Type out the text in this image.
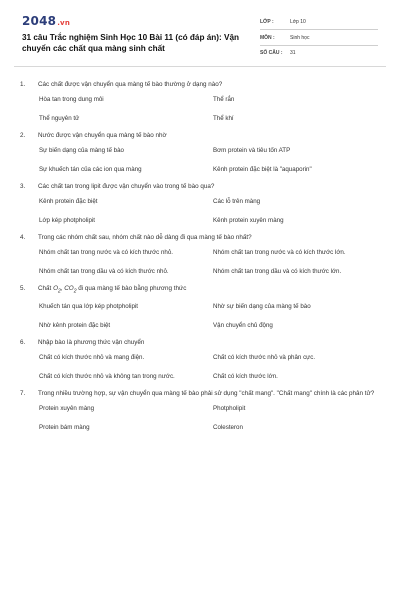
2048.vn
31 câu Trắc nghiệm Sinh Học 10 Bài 11 (có đáp án): Vận chuyển các chất qua màng sinh chất
LỚP :	Lớp 10
MÔN :	Sinh học
SỐ CÂU :	31
1.	Các chất được vận chuyển qua màng tế bào thường ở dạng nào?
Hòa tan trong dung môi	Thể rắn
Thể nguyên tử	Thể khí
2.	Nước được vận chuyển qua màng tế bào nhờ
Sự biến dạng của màng tế bào	Bơm protein và tiêu tốn ATP
Sự khuếch tán của các ion qua màng	Kênh protein đặc biệt là "aquaporin"
3.	Các chất tan trong lipit được vận chuyển vào trong tế bào qua?
Kênh protein đặc biệt	Các lỗ trên màng
Lớp kép photpholipit	Kênh protein xuyên màng
4.	Trong các nhóm chất sau, nhóm chất nào dễ dàng đi qua màng tế bào nhất?
Nhóm chất tan trong nước và có kích thước nhỏ.	Nhóm chất tan trong nước và có kích thước lớn.
Nhóm chất tan trong dầu và có kích thước nhỏ.	Nhóm chất tan trong dầu và có kích thước lớn.
5.	Chất $O_2$, $CO_2$ đi qua màng tế bào bằng phương thức
Khuếch tán qua lớp kép photpholipit	Nhờ sự biến dạng của màng tế bào
Nhờ kênh protein đặc biệt	Vận chuyển chủ động
6.	Nhập bào là phương thức vận chuyển
Chất có kích thước nhỏ và mang điện.	Chất có kích thước nhỏ và phân cực.
Chất có kích thước nhỏ và không tan trong nước.	Chất có kích thước lớn.
7.	Trong nhiều trường hợp, sự vận chuyển qua màng tế bào phải sử dụng "chất mang". "Chất mang" chính là các phân tử?
Protein xuyên màng	Photpholipit
Protein bám màng	Colesteron
